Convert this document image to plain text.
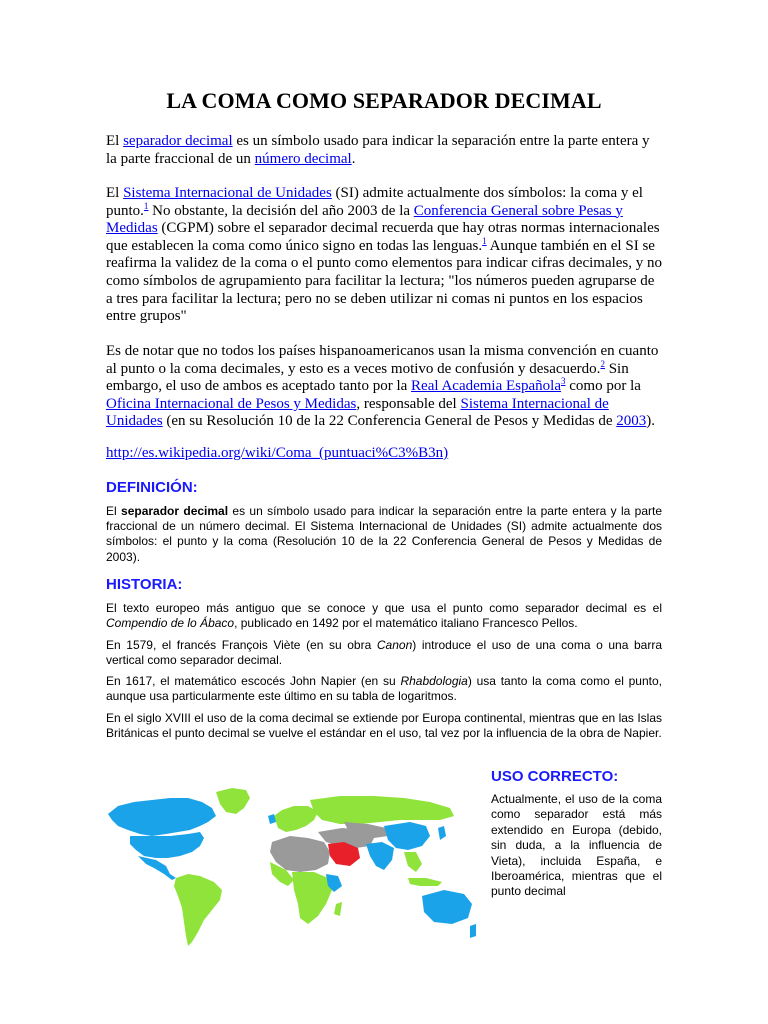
LA COMA COMO SEPARADOR DECIMAL

El separador decimal es un símbolo usado para indicar la separación entre la parte entera y la parte fraccional de un número decimal.

El Sistema Internacional de Unidades (SI) admite actualmente dos símbolos: la coma y el punto.$^1$ No obstante, la decisión del año 2003 de la Conferencia General sobre Pesas y Medidas (CGPM) sobre el separador decimal recuerda que hay otras normas internacionales que establecen la coma como único signo en todas las lenguas.$^1$ Aunque también en el SI se reafirma la validez de la coma o el punto como elementos para indicar cifras decimales, y no como símbolos de agrupamiento para facilitar la lectura; "los números pueden agruparse de a tres para facilitar la lectura; pero no se deben utilizar ni comas ni puntos en los espacios entre grupos"

Es de notar que no todos los países hispanoamericanos usan la misma convención en cuanto al punto o la coma decimales, y esto es a veces motivo de confusión y desacuerdo.$^2$ Sin embargo, el uso de ambos es aceptado tanto por la Real Academia Española$^3$ como por la Oficina Internacional de Pesos y Medidas, responsable del Sistema Internacional de Unidades (en su Resolución 10 de la 22 Conferencia General de Pesos y Medidas de 2003).

http://es.wikipedia.org/wiki/Coma_(puntuaci%C3%B3n)

DEFINICIÓN:

El separador decimal es un símbolo usado para indicar la separación entre la parte entera y la parte fraccional de un número decimal. El Sistema Internacional de Unidades (SI) admite actualmente dos símbolos: el punto y la coma (Resolución 10 de la 22 Conferencia General de Pesos y Medidas de 2003).

HISTORIA:

El texto europeo más antiguo que se conoce y que usa el punto como separador decimal es el Compendio de lo Ábaco, publicado en 1492 por el matemático italiano Francesco Pellos.

En 1579, el francés François Viète (en su obra Canon) introduce el uso de una coma o una barra vertical como separador decimal.

En 1617, el matemático escocés John Napier (en su Rhabdologia) usa tanto la coma como el punto, aunque usa particularmente este último en su tabla de logaritmos.

En el siglo XVIII el uso de la coma decimal se extiende por Europa continental, mientras que en las Islas Británicas el punto decimal se vuelve el estándar en el uso, tal vez por la influencia de la obra de Napier.

USO CORRECTO:

Actualmente, el uso de la coma como separador está más extendido en Europa (debido, sin duda, a la influencia de Vieta), incluida España, e Iberoamérica, mientras que el punto decimal
